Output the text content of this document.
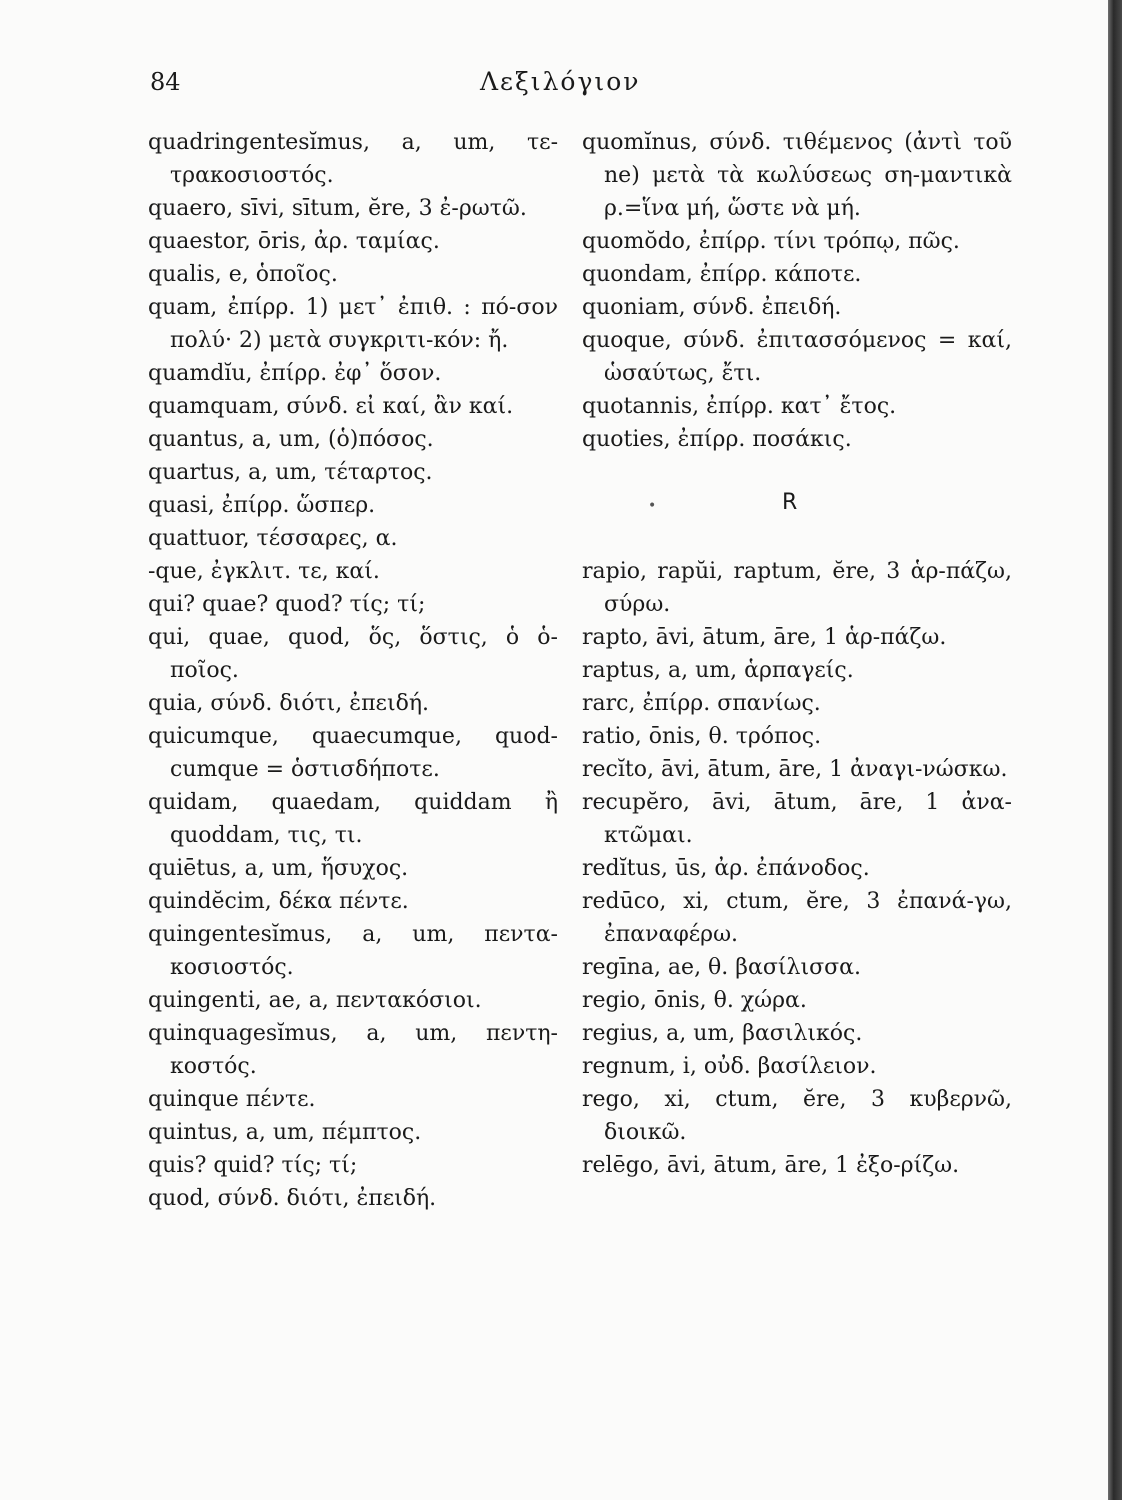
84	Λεξιλόγιον

quadringentesĭmus, a, um, τε-τρακοσιοστός.

quaero, sīvi, sītum, ĕre, 3 ἐ-ρωτῶ.

quaestor, ōris, ἀρ. ταμίας.

qualis, e, ὁποῖος.

quam, ἐπίρρ. 1) μετ᾿ ἐπιθ. : πό-σον πολύ· 2) μετὰ συγκριτι-κόν: ἤ.

quamdĭu, ἐπίρρ. ἐφ᾿ ὅσον.

quamquam, σύνδ. εἰ καί, ἂν καί.

quantus, a, um, (ὁ)πόσος.

quartus, a, um, τέταρτος.

quasi, ἐπίρρ. ὥσπερ.

quattuor, τέσσαρες, α.

-que, ἐγκλιτ. τε, καί.

qui? quae? quod? τίς; τί;

qui, quae, quod, ὅς, ὅστις, ὁ ὁ-ποῖος.

quia, σύνδ. διότι, ἐπειδή.

quicumque, quaecumque, quod-cumque = ὁστισδήποτε.

quidam, quaedam, quiddam ἢ quoddam, τις, τι.

quiētus, a, um, ἥσυχος.

quindĕcim, δέκα πέντε.

quingentesĭmus, a, um, πεντα-κοσιοστός.

quingenti, ae, a, πεντακόσιοι.

quinquagesĭmus, a, um, πεντη-κοστός.

quinque πέντε.

quintus, a, um, πέμπτος.

quis? quid? τίς; τί;

quod, σύνδ. διότι, ἐπειδή.

quomĭnus, σύνδ. τιθέμενος (ἀντὶ τοῦ ne) μετὰ τὰ κωλύσεως ση-μαντικὰ ρ.=ἵνα μή, ὥστε νὰ μή.

quomŏdo, ἐπίρρ. τίνι τρόπῳ, πῶς.

quondam, ἐπίρρ. κάποτε.

quoniam, σύνδ. ἐπειδή.

quoque, σύνδ. ἐπιτασσόμενος = καί, ὡσαύτως, ἔτι.

quotannis, ἐπίρρ. κατ᾿ ἔτος.

quoties, ἐπίρρ. ποσάκις.

•	R

rapio, rapŭi, raptum, ĕre, 3 ἁρ-πάζω, σύρω.

rapto, āvi, ātum, āre, 1 ἁρ-πάζω.

raptus, a, um, ἁρπαγείς.

rarc, ἐπίρρ. σπανίως.

ratio, ōnis, θ. τρόπος.

recĭto, āvi, ātum, āre, 1 ἀναγι-νώσκω.

recupĕro, āvi, ātum, āre, 1 ἀνα-κτῶμαι.

redĭtus, ūs, ἀρ. ἐπάνοδος.

redūco, xi, ctum, ĕre, 3 ἐπανά-γω, ἐπαναφέρω.

regīna, ae, θ. βασίλισσα.

regio, ōnis, θ. χώρα.

regius, a, um, βασιλικός.

regnum, i, οὐδ. βασίλειον.

rego, xi, ctum, ĕre, 3 κυβερνῶ, διοικῶ.

relēgo, āvi, ātum, āre, 1 ἐξο-ρίζω.
